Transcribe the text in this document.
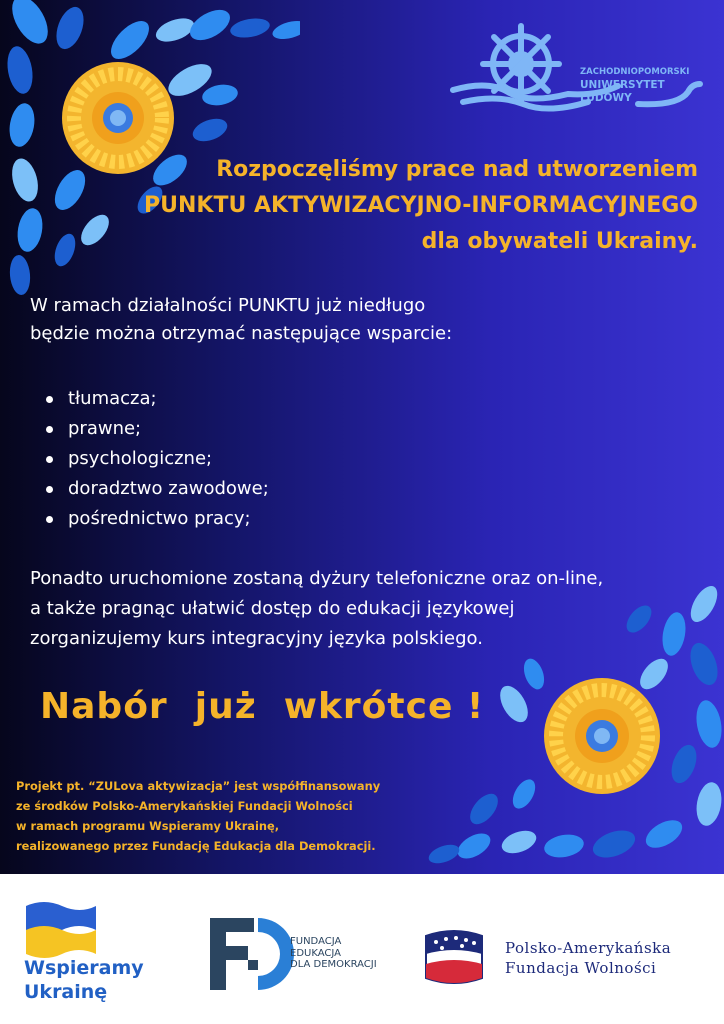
ZACHODNIOPOMORSKI
UNIWERSYTET
LUDOWY
Rozpoczęliśmy prace nad utworzeniem
PUNKTU AKTYWIZACYJNO-INFORMACYJNEGO
dla obywateli Ukrainy.
W ramach działalności PUNKTU już niedługo
będzie można otrzymać następujące wsparcie:
tłumacza;
prawne;
psychologiczne;
doradztwo zawodowe;
pośrednictwo pracy;
Ponadto uruchomione zostaną dyżury telefoniczne oraz on-line,
a także pragnąc ułatwić dostęp do edukacji językowej
zorganizujemy kurs integracyjny języka polskiego.
Nabór  już  wkrótce !
Projekt pt. “ZULova aktywizacja” jest współfinansowany
ze środków Polsko-Amerykańskiej Fundacji Wolności
w ramach programu Wspieramy Ukrainę,
realizowanego przez Fundację Edukacja dla Demokracji.
Wspieramy
Ukrainę
FUNDACJA
EDUKACJA
DLA DEMOKRACJI
Polsko-Amerykańska
Fundacja Wolności
